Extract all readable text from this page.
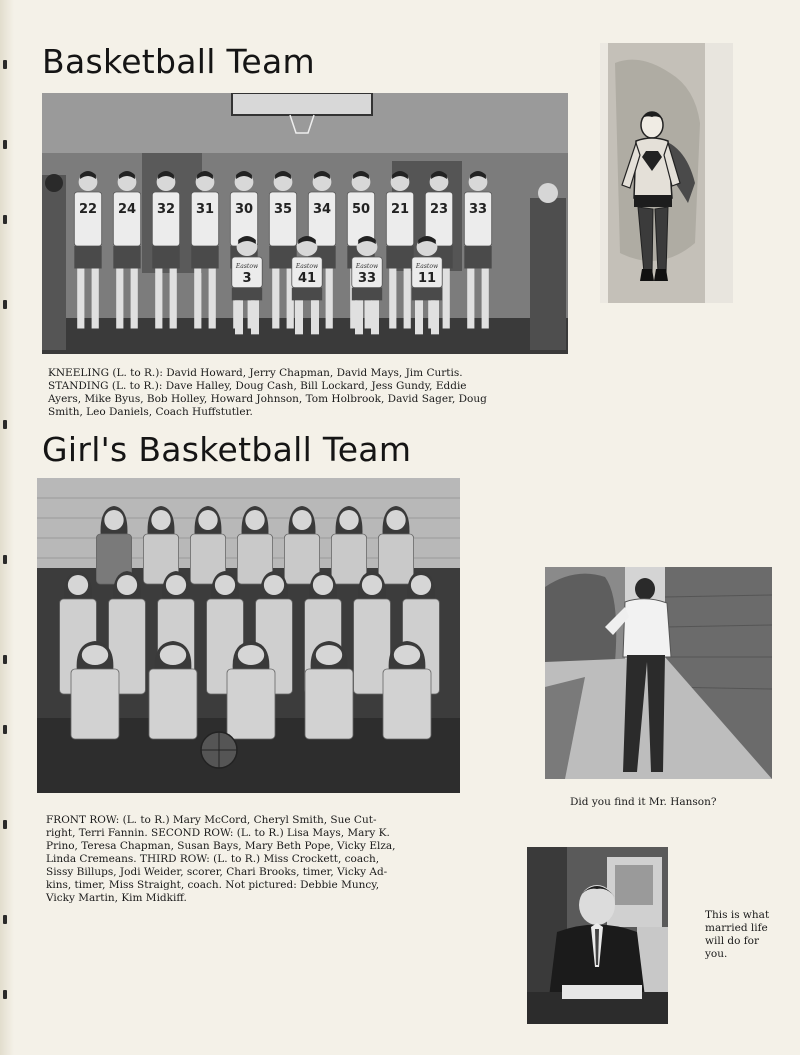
Basketball Team
22 24 32 31 30 35 34 50 21 23 33
Eastow
3
Eastow
41
Eastow
33
Eastow
11

KNEELING (L. to R.): David Howard, Jerry Chapman, David Mays, Jim Curtis.
STANDING (L. to R.): Dave Halley, Doug Cash, Bill Lockard, Jess Gundy, Eddie
Ayers, Mike Byus, Bob Holley, Howard Johnson, Tom Holbrook, David Sager, Doug
Smith, Leo Daniels, Coach Huffstutler.

Girl's Basketball Team

FRONT ROW: (L. to R.) Mary McCord, Cheryl Smith, Sue Cut-
right, Terri Fannin. SECOND ROW: (L. to R.) Lisa Mays, Mary K.
Prino, Teresa Chapman, Susan Bays, Mary Beth Pope, Vicky Elza,
Linda Cremeans. THIRD ROW: (L. to R.) Miss Crockett, coach,
Sissy Billups, Jodi Weider, scorer, Chari Brooks, timer, Vicky Ad-
kins, timer, Miss Straight, coach. Not pictured: Debbie Muncy,
Vicky Martin, Kim Midkiff.

Did you find it Mr. Hanson?

This is what
married life
will do for
you.
